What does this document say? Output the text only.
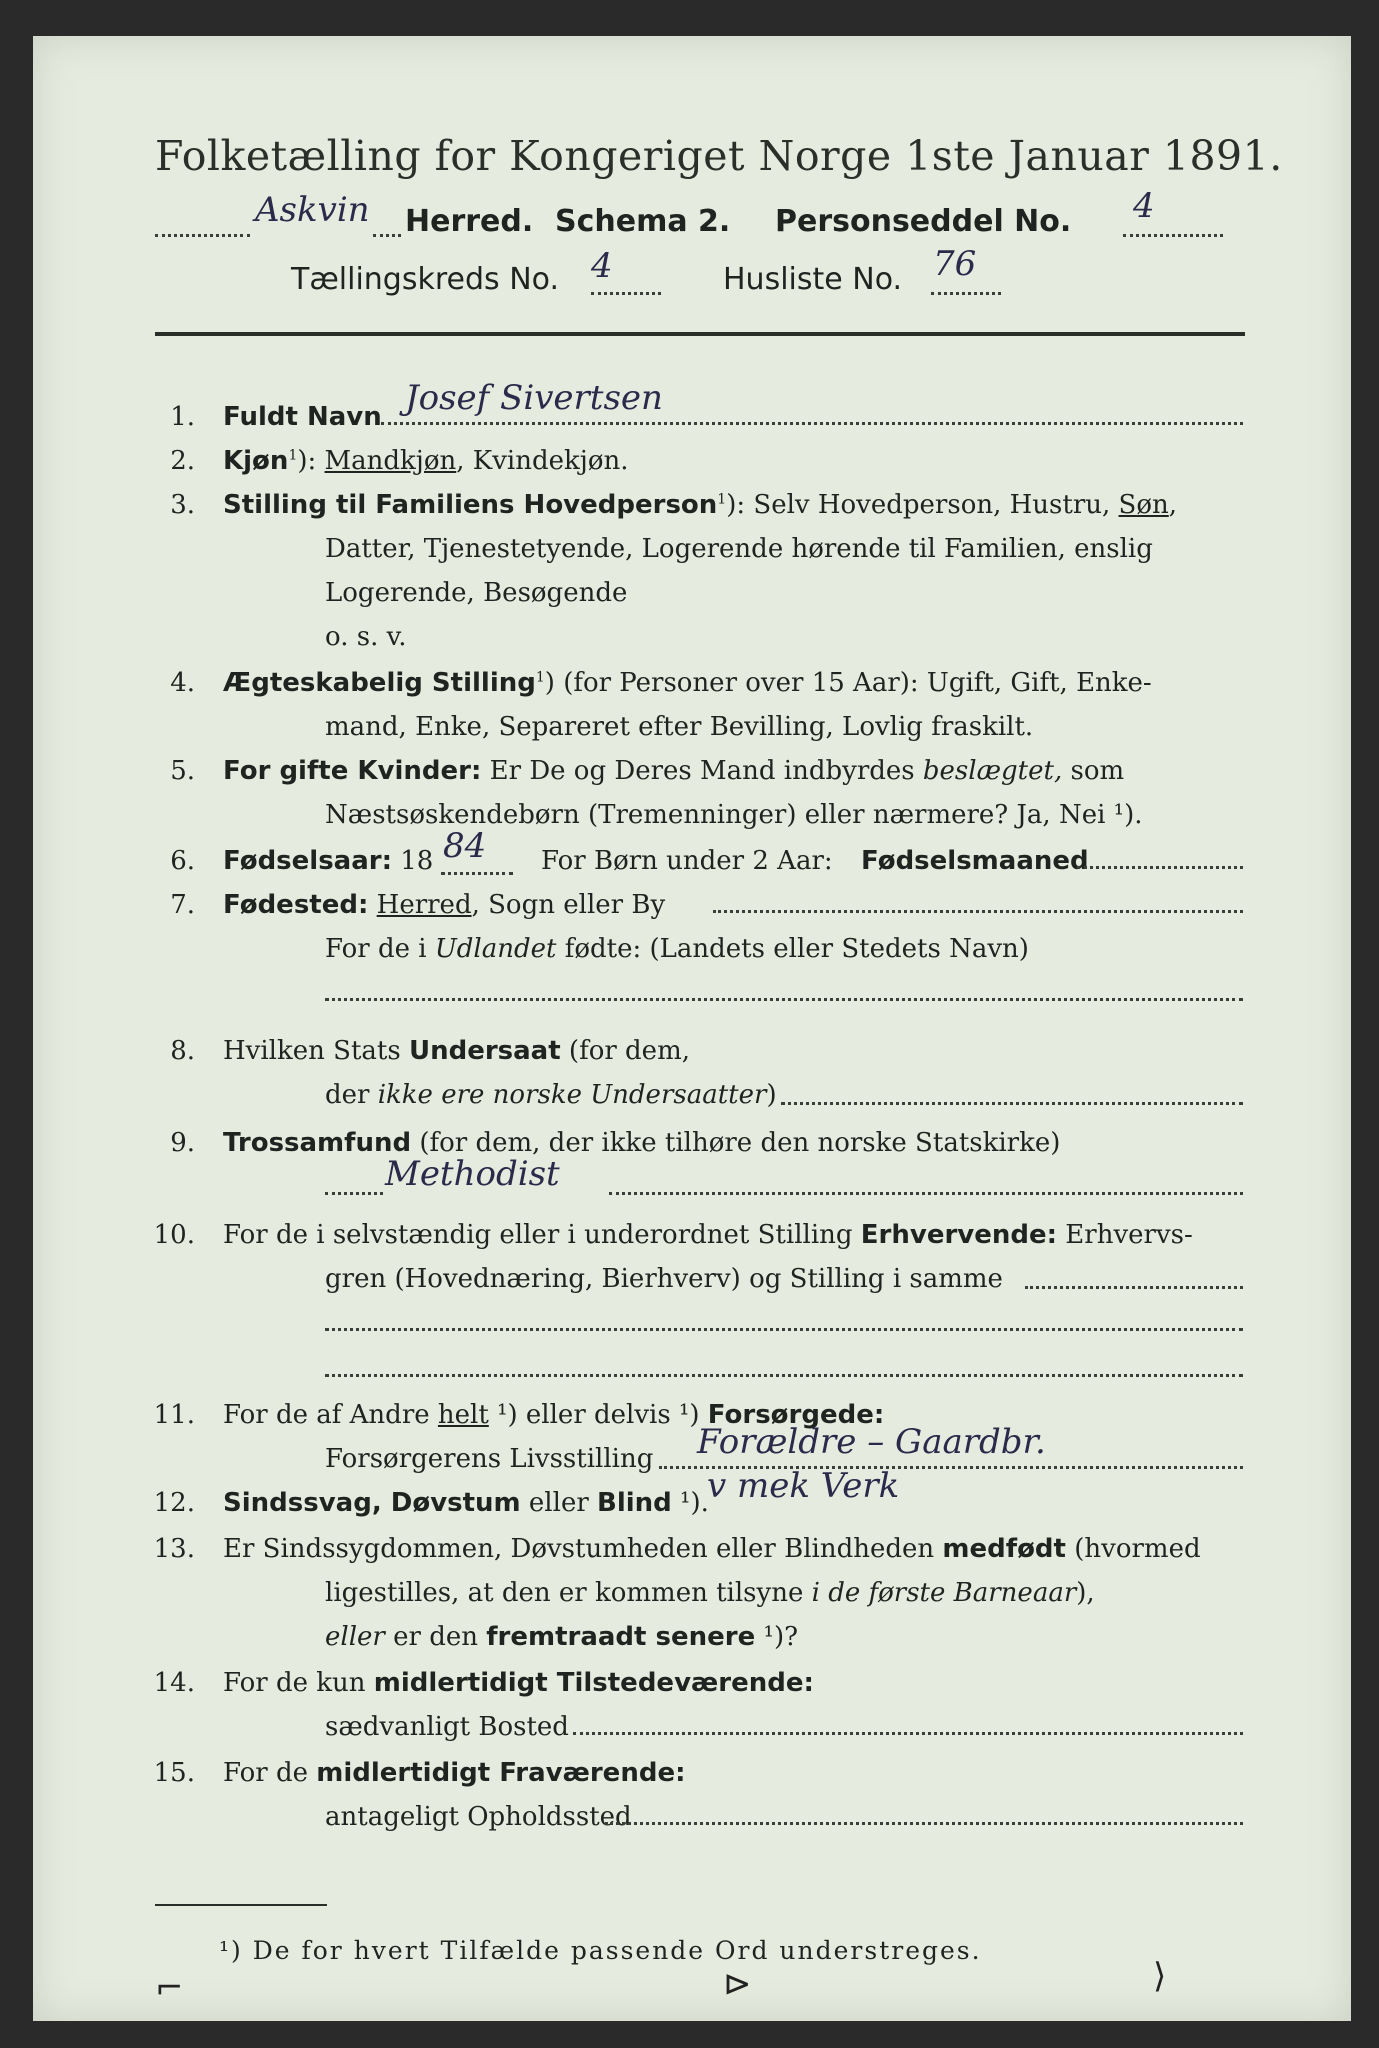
Folketælling for Kongeriget Norge 1ste Januar 1891.
Askvin Herred. Schema 2. Personseddel No. 4
Tællingskreds No. 4	Husliste No. 76
1. Fuldt Navn Josef Sivertsen
2. Kjøn$^1$): Mandkjøn, Kvindekjøn.
3. Stilling til Familiens Hovedperson$^1$): Selv Hovedperson, Hustru, Søn,
Datter, Tjenestetyende, Logerende hørende til Familien, enslig
Logerende, Besøgende
o. s. v.
4. Ægteskabelig Stilling$^1$) (for Personer over 15 Aar): Ugift, Gift, Enke-
mand, Enke, Separeret efter Bevilling, Lovlig fraskilt.
5. For gifte Kvinder: Er De og Deres Mand indbyrdes beslægtet, som
Næstsøskendebørn (Tremenninger) eller nærmere? Ja, Nei ¹).
6. Fødselsaar: 18 84 For Børn under 2 Aar: Fødselsmaaned
7. Fødested: Herred, Sogn eller By
For de i Udlandet fødte: (Landets eller Stedets Navn)
8. Hvilken Stats Undersaat (for dem,
der ikke ere norske Undersaatter)
9. Trossamfund (for dem, der ikke tilhøre den norske Statskirke)
Methodist
10. For de i selvstændig eller i underordnet Stilling Erhvervende: Erhvervs-
gren (Hovednæring, Bierhverv) og Stilling i samme
11. For de af Andre helt ¹) eller delvis ¹) Forsørgede:
Forsørgerens Livsstilling Forældre – Gaardbr.
12. Sindssvag, Døvstum eller Blind ¹).
v mek Verk
13. Er Sindssygdommen, Døvstumheden eller Blindheden medfødt (hvormed
ligestilles, at den er kommen tilsyne i de første Barneaar),
eller er den fremtraadt senere ¹)?
14. For de kun midlertidigt Tilstedeværende:
sædvanligt Bosted
15. For de midlertidigt Fraværende:
antageligt Opholdssted
¹) De for hvert Tilfælde passende Ord understreges.
⌐	⊳	⟩
